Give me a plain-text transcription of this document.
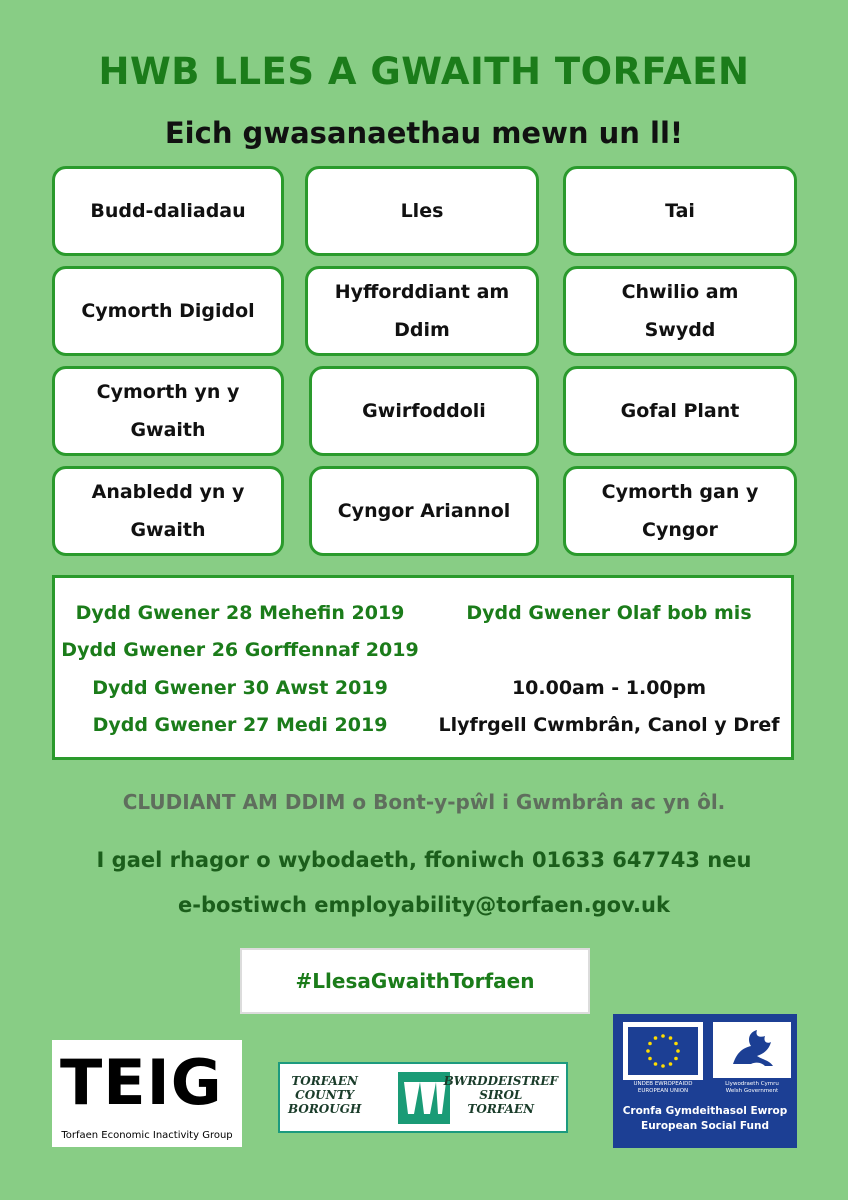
HWB LLES A GWAITH TORFAEN
Eich gwasanaethau mewn un ll!
Budd-daliadau	Lles	Tai
Cymorth Digidol
Hyfforddiant am Ddim
Chwilio am Swydd
Cymorth yn y Gwaith
Gwirfoddoli	Gofal Plant
Anabledd yn y Gwaith
Cyngor Ariannol
Cymorth gan y Cyngor
Dydd Gwener 28 Mehefin 2019
Dydd Gwener 26 Gorffennaf 2019
Dydd Gwener 30 Awst 2019
Dydd Gwener 27 Medi 2019
Dydd Gwener Olaf bob mis
10.00am - 1.00pm
Llyfrgell Cwmbrân, Canol y Dref
CLUDIANT AM DDIM o Bont-y-pŵl i Gwmbrân ac yn ôl.
I gael rhagor o wybodaeth, ffoniwch 01633 647743 neu
e-bostiwch employability@torfaen.gov.uk
#LlesaGwaithTorfaen
TEIG
Torfaen Economic Inactivity Group
TORFAEN
COUNTY
BOROUGH
BWRDDEISTREF
SIROL
TORFAEN
UNDEB EWROPEAIDD
EUROPEAN UNION
Llywodraeth Cymru
Welsh Government
Cronfa Gymdeithasol Ewrop
European Social Fund
